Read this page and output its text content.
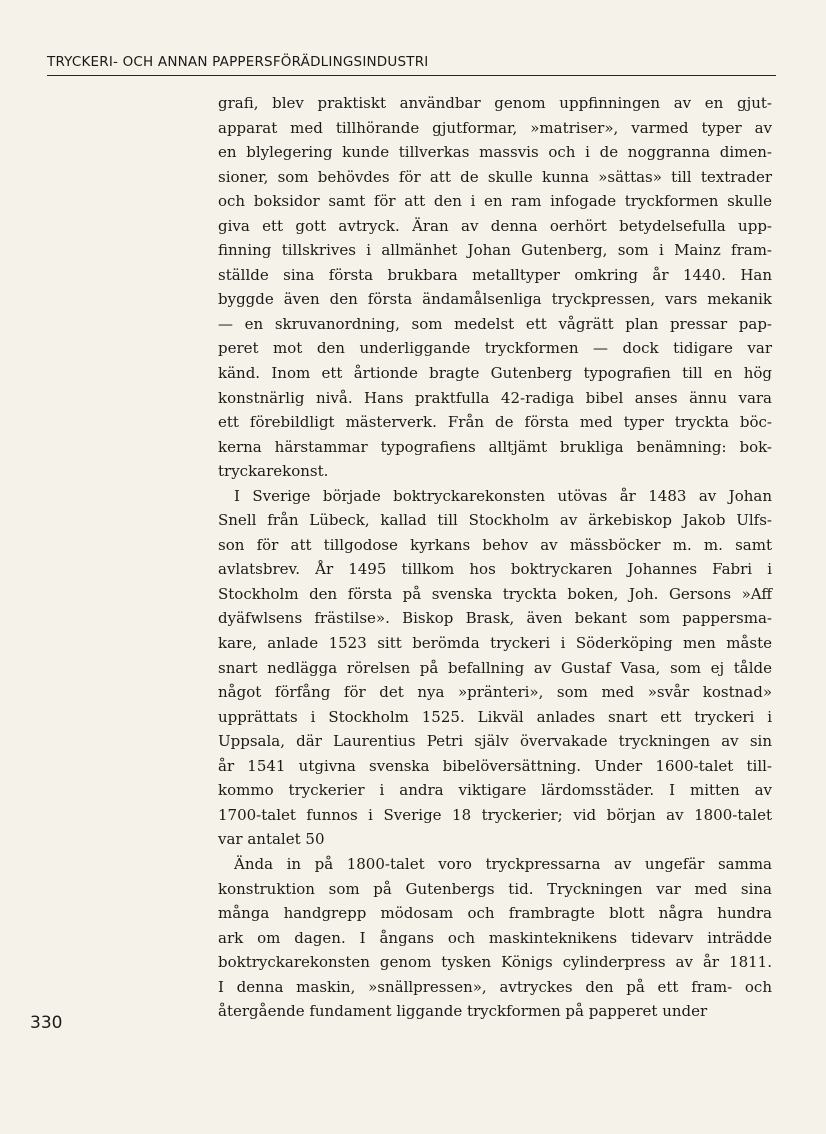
TRYCKERI- OCH ANNAN PAPPERSFÖRÄDLINGSINDUSTRI
grafi, blev praktiskt användbar genom uppfinningen av en gjut-
apparat med tillhörande gjutformar, »matriser», varmed typer av
en blylegering kunde tillverkas massvis och i de noggranna dimen-
sioner, som behövdes för att de skulle kunna »sättas» till textrader
och boksidor samt för att den i en ram infogade tryckformen skulle
giva ett gott avtryck. Äran av denna oerhört betydelsefulla upp-
finning tillskrives i allmänhet Johan Gutenberg, som i Mainz fram-
ställde sina första brukbara metalltyper omkring år 1440. Han
byggde även den första ändamålsenliga tryckpressen, vars mekanik
— en skruvanordning, som medelst ett vågrätt plan pressar pap-
peret mot den underliggande tryckformen — dock tidigare var
känd. Inom ett årtionde bragte Gutenberg typografien till en hög
konstnärlig nivå. Hans praktfulla 42-radiga bibel anses ännu vara
ett förebildligt mästerverk. Från de första med typer tryckta böc-
kerna härstammar typografiens alltjämt brukliga benämning: bok-
tryckarekonst.
I Sverige började boktryckarekonsten utövas år 1483 av Johan
Snell från Lübeck, kallad till Stockholm av ärkebiskop Jakob Ulfs-
son för att tillgodose kyrkans behov av mässböcker m. m. samt
avlatsbrev. År 1495 tillkom hos boktryckaren Johannes Fabri i
Stockholm den första på svenska tryckta boken, Joh. Gersons »Aff
dyäfwlsens frästilse». Biskop Brask, även bekant som pappersma-
kare, anlade 1523 sitt berömda tryckeri i Söderköping men måste
snart nedlägga rörelsen på befallning av Gustaf Vasa, som ej tålde
något förfång för det nya »pränteri», som med »svår kostnad»
upprättats i Stockholm 1525. Likväl anlades snart ett tryckeri i
Uppsala, där Laurentius Petri själv övervakade tryckningen av sin
år 1541 utgivna svenska bibelöversättning. Under 1600-talet till-
kommo tryckerier i andra viktigare lärdomsstäder. I mitten av
1700-talet funnos i Sverige 18 tryckerier; vid början av 1800-talet
var antalet 50
Ända in på 1800-talet voro tryckpressarna av ungefär samma
konstruktion som på Gutenbergs tid. Tryckningen var med sina
många handgrepp mödosam och frambragte blott några hundra
ark om dagen. I ångans och maskinteknikens tidevarv inträdde
boktryckarekonsten genom tysken Königs cylinderpress av år 1811.
I denna maskin, »snällpressen», avtryckes den på ett fram- och
återgående fundament liggande tryckformen på papperet under
330
